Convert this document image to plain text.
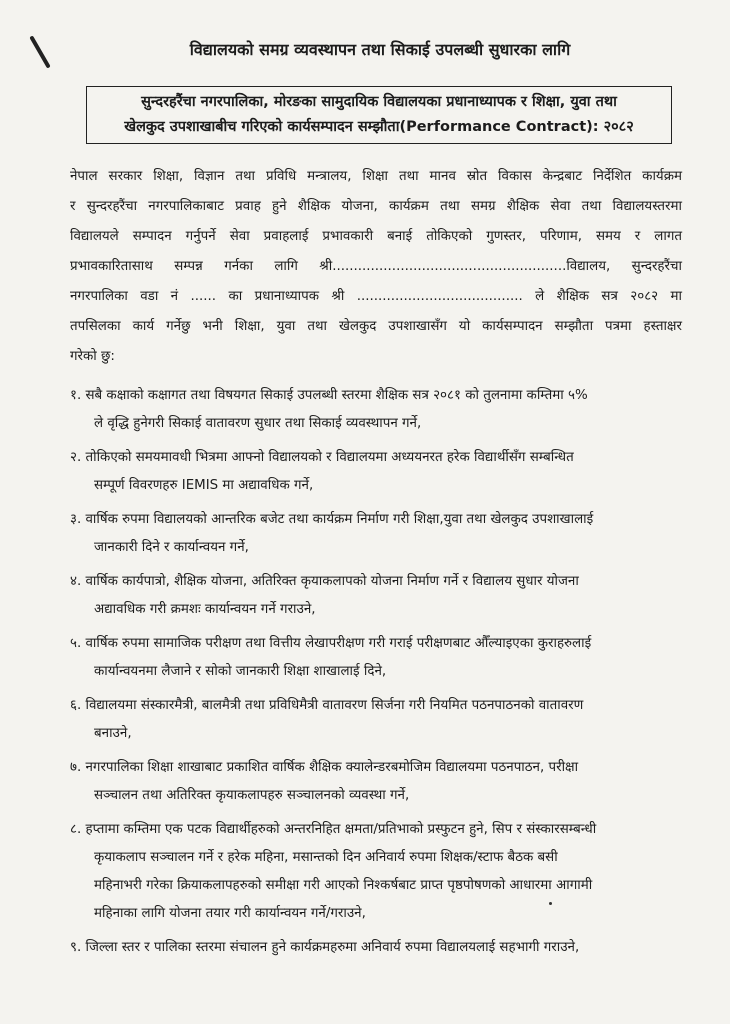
विद्यालयको समग्र व्यवस्थापन तथा सिकाई उपलब्धी सुधारका लागि
सुन्दरहरैंचा नगरपालिका, मोरङका सामुदायिक विद्यालयका प्रधानाध्यापक र शिक्षा, युवा तथा
खेलकुद उपशाखाबीच गरिएको कार्यसम्पादन सम्झौता(Performance Contract): २०८२
नेपाल सरकार शिक्षा, विज्ञान तथा प्रविधि मन्त्रालय, शिक्षा तथा मानव स्रोत विकास केन्द्रबाट निर्देशित कार्यक्रम
र सुन्दरहरैंचा नगरपालिकाबाट प्रवाह हुने शैक्षिक योजना, कार्यक्रम तथा समग्र शैक्षिक सेवा तथा विद्यालयस्तरमा
विद्यालयले सम्पादन गर्नुपर्ने सेवा प्रवाहलाई प्रभावकारी बनाई तोकिएको गुणस्तर, परिणाम, समय र लागत
प्रभावकारितासाथ सम्पन्न गर्नका लागि श्री.......................................................विद्यालय, सुन्दरहरैंचा
नगरपालिका वडा नं ...... का प्रधानाध्यापक श्री ....................................... ले शैक्षिक सत्र २०८२ मा
तपसिलका कार्य गर्नेछु भनी शिक्षा, युवा तथा खेलकुद उपशाखासँग यो कार्यसम्पादन सम्झौता पत्रमा हस्ताक्षर
गरेको छु:
१. सबै कक्षाको कक्षागत तथा विषयगत सिकाई उपलब्धी स्तरमा शैक्षिक सत्र २०८१ को तुलनामा कम्तिमा ५%
ले वृद्धि हुनेगरी सिकाई वातावरण सुधार तथा सिकाई व्यवस्थापन गर्ने,
२. तोकिएको समयमावधी भित्रमा आफ्नो विद्यालयको र विद्यालयमा अध्ययनरत हरेक विद्यार्थीसँग सम्बन्धित
सम्पूर्ण विवरणहरु IEMIS मा अद्यावधिक गर्ने,
३. वार्षिक रुपमा विद्यालयको आन्तरिक बजेट तथा कार्यक्रम निर्माण गरी शिक्षा,युवा तथा खेलकुद उपशाखालाई
जानकारी दिने र कार्यान्वयन गर्ने,
४. वार्षिक कार्यपात्रो, शैक्षिक योजना, अतिरिक्त कृयाकलापको योजना निर्माण गर्ने र विद्यालय सुधार योजना
अद्यावधिक गरी क्रमशः कार्यान्वयन गर्ने गराउने,
५. वार्षिक रुपमा सामाजिक परीक्षण तथा वित्तीय लेखापरीक्षण गरी गराई परीक्षणबाट औँल्याइएका कुराहरुलाई
कार्यान्वयनमा लैजाने र सोको जानकारी शिक्षा शाखालाई दिने,
६. विद्यालयमा संस्कारमैत्री, बालमैत्री तथा प्रविधिमैत्री वातावरण सिर्जना गरी नियमित पठनपाठनको वातावरण
बनाउने,
७. नगरपालिका शिक्षा शाखाबाट प्रकाशित वार्षिक शैक्षिक क्यालेन्डरबमोजिम विद्यालयमा पठनपाठन, परीक्षा
सञ्चालन तथा अतिरिक्त कृयाकलापहरु सञ्चालनको व्यवस्था गर्ने,
८. हप्तामा कम्तिमा एक पटक विद्यार्थीहरुको अन्तरनिहित क्षमता/प्रतिभाको प्रस्फुटन हुने, सिप र संस्कारसम्बन्धी
कृयाकलाप सञ्चालन गर्ने र हरेक महिना, मसान्तको दिन अनिवार्य रुपमा शिक्षक/स्टाफ बैठक बसी
महिनाभरी गरेका क्रियाकलापहरुको समीक्षा गरी आएको निश्कर्षबाट प्राप्त पृष्ठपोषणको आधारमा आगामी
महिनाका लागि योजना तयार गरी कार्यान्वयन गर्ने/गराउने,
९. जिल्ला स्तर र पालिका स्तरमा संचालन हुने कार्यक्रमहरुमा अनिवार्य रुपमा विद्यालयलाई सहभागी गराउने,
